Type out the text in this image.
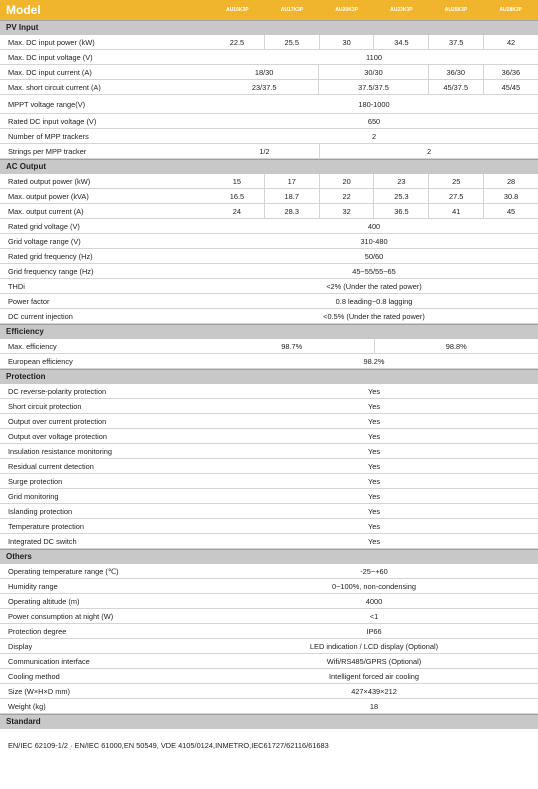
Model	AU15K3P	AU17K3P	AU20K3P	AU23K3P	AU25K3P	AU28K3P
PV Input
Max. DC input power (kW)	22.5	25.5	30	34.5	37.5	42
Max. DC input voltage (V)	1100
Max. DC input current (A)	18/30	30/30	36/30	36/36
Max. short circuit current (A)	23/37.5	37.5/37.5	45/37.5	45/45
MPPT voltage range(V)	180-1000
Rated DC input voltage (V)	650
Number of MPP trackers	2
Strings per MPP tracker	1/2	2
AC Output
Rated output power (kW)	15	17	20	23	25	28
Max. output power (kVA)	16.5	18.7	22	25.3	27.5	30.8
Max. output current (A)	24	28.3	32	36.5	41	45
Rated grid voltage (V)	400
Grid voltage range (V)	310-480
Rated grid frequency (Hz)	50/60
Grid frequency range (Hz)	45~55/55~65
THDi	<2% (Under the rated power)
Power factor	0.8 leading~0.8 lagging
DC current injection	<0.5% (Under the rated power)
Efficiency
Max. efficiency	98.7%	98.8%
European efficiency	98.2%
Protection
DC reverse-polarity protection	Yes
Short circuit protection	Yes
Output over current protection	Yes
Output over voltage protection	Yes
Insulation resistance monitoring	Yes
Residual current detection	Yes
Surge protection	Yes
Grid monitoring	Yes
Islanding protection	Yes
Temperature protection	Yes
Integrated DC switch	Yes
Others
Operating temperature range (℃)	-25~+60
Humidity range	0~100%, non-condensing
Operating altitude (m)	4000
Power consumption at night (W)	<1
Protection degree	IP66
Display	LED indication / LCD display (Optional)
Communication interface	Wifi/RS485/GPRS (Optional)
Cooling method	Intelligent forced air cooling
Size (W×H×D mm)	427×439×212
Weight (kg)	18
Standard
EN/IEC 62109-1/2 · EN/IEC 61000,EN 50549, VDE 4105/0124,INMETRO,IEC61727/62116/61683
